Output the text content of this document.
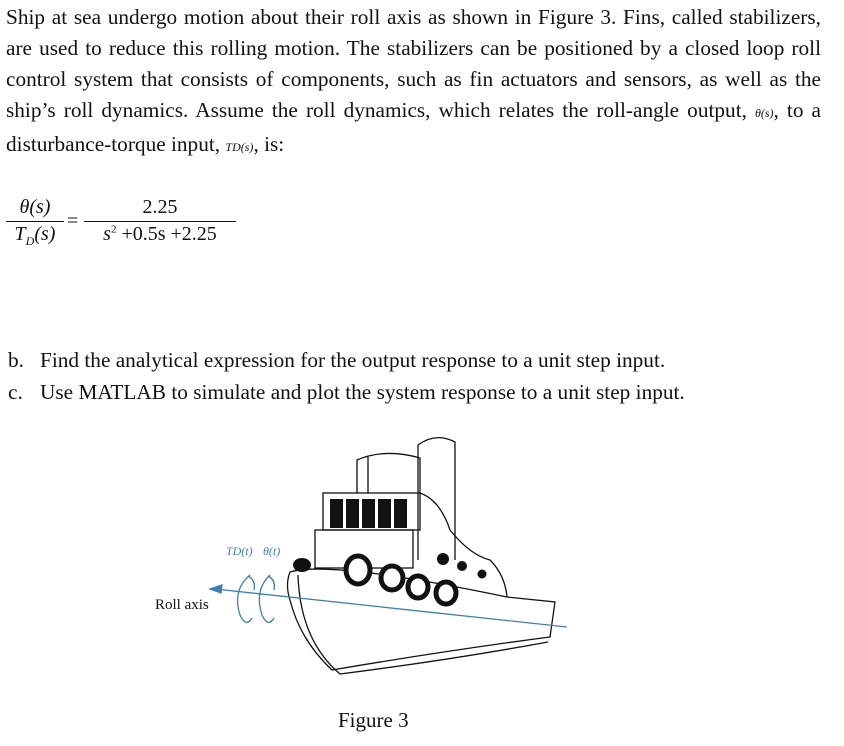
Ship at sea undergo motion about their roll axis as shown in Figure 3. Fins, called stabilizers, are used to reduce this rolling motion. The stabilizers can be positioned by a closed loop roll control system that consists of components, such as fin actuators and sensors, as well as the ship’s roll dynamics. Assume the roll dynamics, which relates the roll-angle output, θ(s), to a disturbance-torque input, TD(s), is:
$\frac{\theta(s)}{T_D(s)} = \frac{2.25}{s^2 +0.5s +2.25}$
b. Find the analytical expression for the output response to a unit step input.
c. Use MATLAB to simulate and plot the system response to a unit step input.
TD(t) θ(t)
Roll axis
Figure 3
